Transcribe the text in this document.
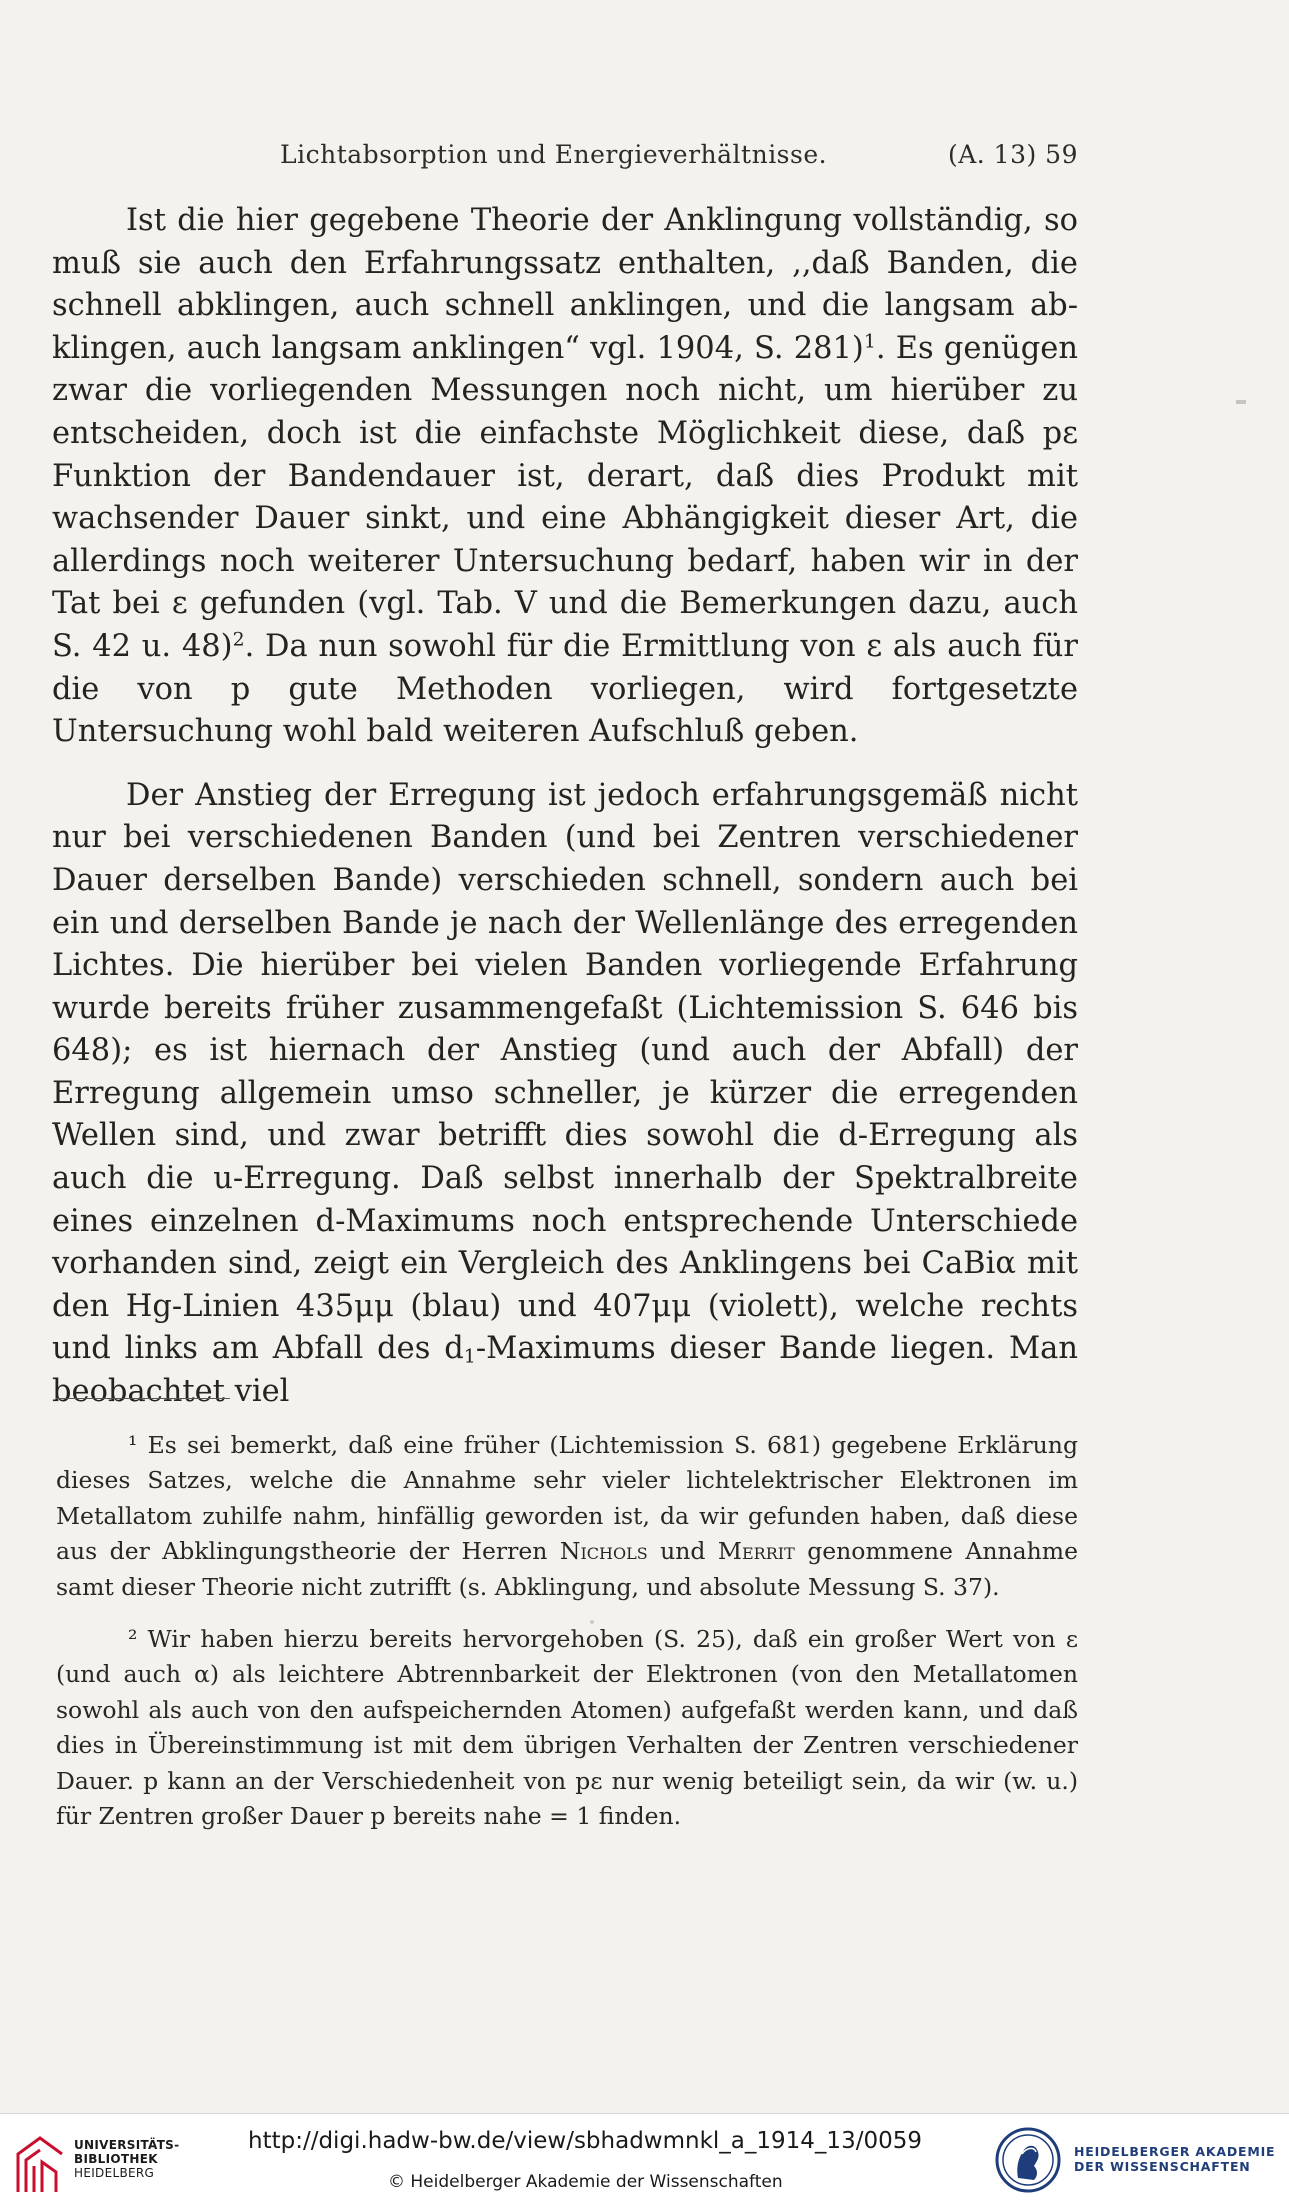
Lichtabsorption und Energieverhältnisse.	(A. 13) 59

Ist die hier gegebene Theorie der Anklingung vollständig, so muß sie auch den Erfahrungssatz enthalten, ,,daß Banden, die schnell abklingen, auch schnell anklingen, und die langsam abklingen, auch langsam anklingen“ vgl. 1904, S. 281)$^1$. Es genügen zwar die vorliegenden Messungen noch nicht, um hierüber zu entscheiden, doch ist die einfachste Möglichkeit diese, daß pε Funktion der Bandendauer ist, derart, daß dies Produkt mit wachsender Dauer sinkt, und eine Abhängigkeit dieser Art, die allerdings noch weiterer Untersuchung bedarf, haben wir in der Tat bei ε gefunden (vgl. Tab. V und die Bemerkungen dazu, auch S. 42 u. 48)$^2$. Da nun sowohl für die Ermittlung von ε als auch für die von p gute Methoden vorliegen, wird fortgesetzte Untersuchung wohl bald weiteren Aufschluß geben.

Der Anstieg der Erregung ist jedoch erfahrungsgemäß nicht nur bei verschiedenen Banden (und bei Zentren verschiedener Dauer derselben Bande) verschieden schnell, sondern auch bei ein und derselben Bande je nach der Wellenlänge des erregenden Lichtes. Die hierüber bei vielen Banden vorliegende Erfahrung wurde bereits früher zusammengefaßt (Lichtemission S. 646 bis 648); es ist hiernach der Anstieg (und auch der Abfall) der Erregung allgemein umso schneller, je kürzer die erregenden Wellen sind, und zwar betrifft dies sowohl die d-Erregung als auch die u-Erregung. Daß selbst innerhalb der Spektralbreite eines einzelnen d-Maximums noch entsprechende Unterschiede vorhanden sind, zeigt ein Vergleich des Anklingens bei CaBiα mit den Hg-Linien 435μμ (blau) und 407μμ (violett), welche rechts und links am Abfall des $d_1$-Maximums dieser Bande liegen. Man beobachtet viel

¹ Es sei bemerkt, daß eine früher (Lichtemission S. 681) gegebene Erklärung dieses Satzes, welche die Annahme sehr vieler lichtelektrischer Elektronen im Metallatom zuhilfe nahm, hinfällig geworden ist, da wir gefunden haben, daß diese aus der Abklingungstheorie der Herren Nichols und Merrit genommene Annahme samt dieser Theorie nicht zutrifft (s. Abklingung, und absolute Messung S. 37).

² Wir haben hierzu bereits hervorgehoben (S. 25), daß ein großer Wert von ε (und auch α) als leichtere Abtrennbarkeit der Elektronen (von den Metallatomen sowohl als auch von den aufspeichernden Atomen) aufgefaßt werden kann, und daß dies in Übereinstimmung ist mit dem übrigen Verhalten der Zentren verschiedener Dauer. p kann an der Verschiedenheit von pε nur wenig beteiligt sein, da wir (w. u.) für Zentren großer Dauer p bereits nahe = 1 finden.

UNIVERSITÄTS-
BIBLIOTHEK
HEIDELBERG
http://digi.hadw-bw.de/view/sbhadwmnkl_a_1914_13/0059
© Heidelberger Akademie der Wissenschaften
HEIDELBERGER AKADEMIE
DER WISSENSCHAFTEN
